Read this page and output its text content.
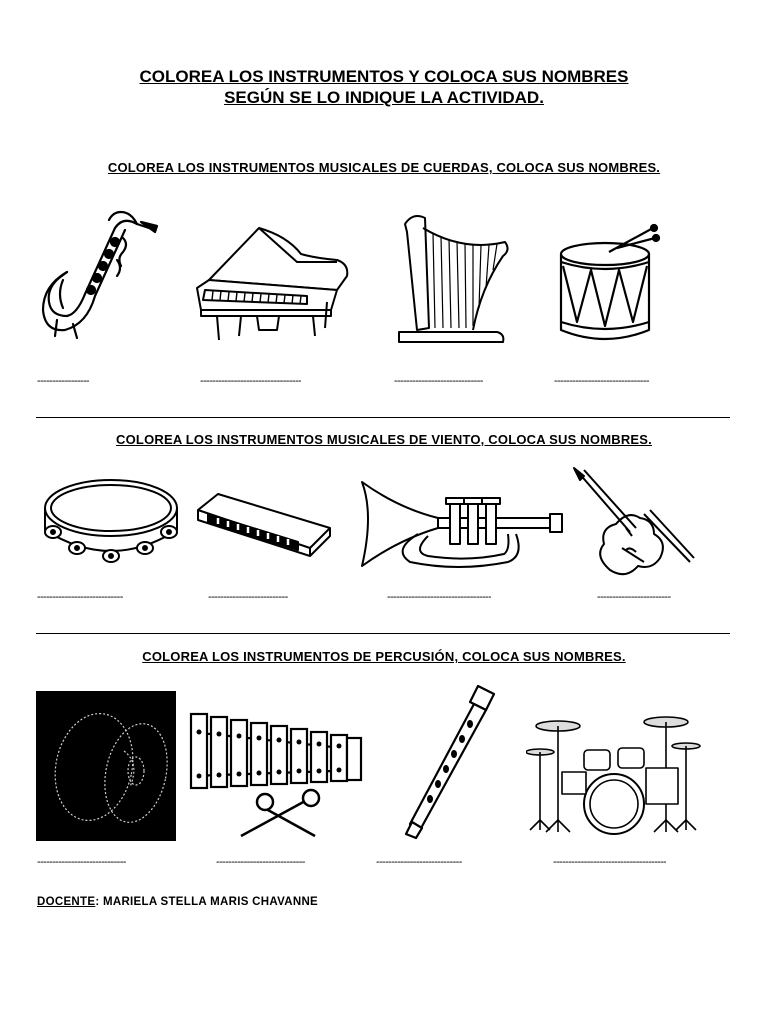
COLOREA LOS INSTRUMENTOS Y COLOCA SUS NOMBRES
SEGÚN SE LO INDIQUE LA ACTIVIDAD.
COLOREA LOS INSTRUMENTOS MUSICALES DE CUERDAS, COLOCA SUS NOMBRES.
-----------------	---------------------------------	-----------------------------	-------------------------------
COLOREA LOS INSTRUMENTOS MUSICALES DE VIENTO, COLOCA SUS NOMBRES.
----------------------------	--------------------------	----------------------------------	------------------------
COLOREA LOS INSTRUMENTOS DE PERCUSIÓN, COLOCA SUS NOMBRES.
-----------------------------	-----------------------------	----------------------------	-------------------------------------
DOCENTE: MARIELA STELLA MARIS CHAVANNE
